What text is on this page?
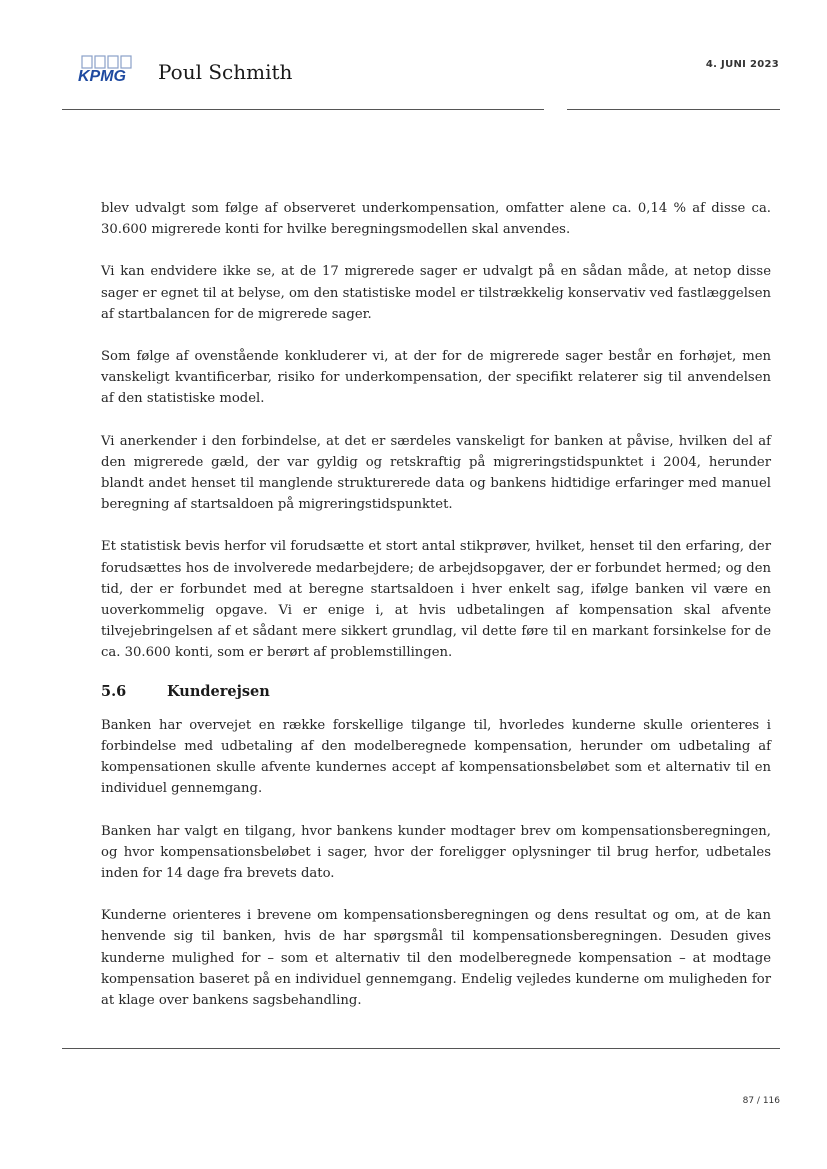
KPMG Poul Schmith	4. JUNI 2023

blev udvalgt som følge af observeret underkompensation, omfatter alene ca. 0,14 % af disse ca. 30.600 migrerede konti for hvilke beregningsmodellen skal anvendes.

Vi kan endvidere ikke se, at de 17 migrerede sager er udvalgt på en sådan måde, at netop disse sager er egnet til at belyse, om den statistiske model er tilstrækkelig konservativ ved fastlæggelsen af startbalancen for de migrerede sager.

Som følge af ovenstående konkluderer vi, at der for de migrerede sager består en forhøjet, men vanskeligt kvantificerbar, risiko for underkompensation, der specifikt relaterer sig til anvendelsen af den statistiske model.

Vi anerkender i den forbindelse, at det er særdeles vanskeligt for banken at påvise, hvilken del af den migrerede gæld, der var gyldig og retskraftig på migreringstidspunktet i 2004, herunder blandt andet henset til manglende strukturerede data og bankens hidtidige erfaringer med manuel beregning af startsaldoen på migreringstidspunktet.

Et statistisk bevis herfor vil forudsætte et stort antal stikprøver, hvilket, henset til den erfaring, der forudsættes hos de involverede medarbejdere; de arbejdsopgaver, der er forbundet hermed; og den tid, der er forbundet med at beregne startsaldoen i hver enkelt sag, ifølge banken vil være en uoverkommelig opgave. Vi er enige i, at hvis udbetalingen af kompensation skal afvente tilvejebringelsen af et sådant mere sikkert grundlag, vil dette føre til en markant forsinkelse for de ca. 30.600 konti, som er berørt af problemstillingen.

5.6	Kunderejsen

Banken har overvejet en række forskellige tilgange til, hvorledes kunderne skulle orienteres i forbindelse med udbetaling af den modelberegnede kompensation, herunder om udbetaling af kompensationen skulle afvente kundernes accept af kompensationsbeløbet som et alternativ til en individuel gennemgang.

Banken har valgt en tilgang, hvor bankens kunder modtager brev om kompensationsberegningen, og hvor kompensationsbeløbet i sager, hvor der foreligger oplysninger til brug herfor, udbetales inden for 14 dage fra brevets dato.

Kunderne orienteres i brevene om kompensationsberegningen og dens resultat og om, at de kan henvende sig til banken, hvis de har spørgsmål til kompensationsberegningen. Desuden gives kunderne mulighed for – som et alternativ til den modelberegnede kompensation – at modtage kompensation baseret på en individuel gennemgang. Endelig vejledes kunderne om muligheden for at klage over bankens sagsbehandling.

87 / 116
